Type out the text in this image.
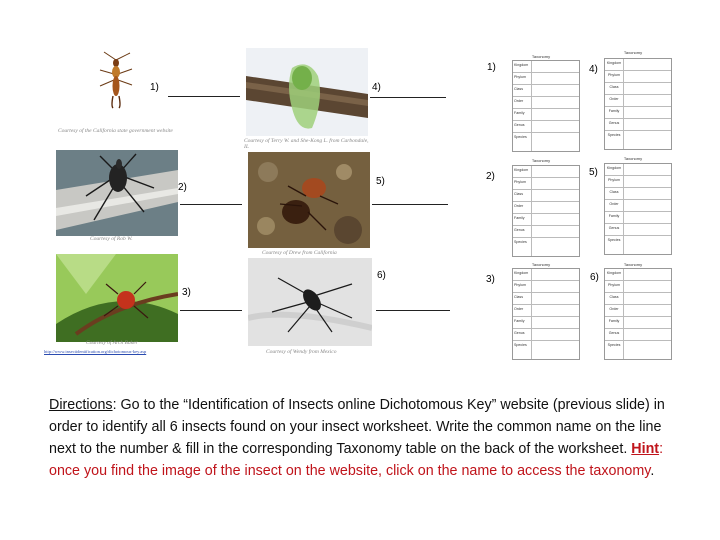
1)
Courtesy of the California state government website
2)
Courtesy of Rob W.
3)
Courtesy of Arch Baker
http://www.insectidentification.org/dichotomous-key.asp
4)
Courtesy of Terry W. and She-Kong L. from Carbondale, IL
5)
Courtesy of Drew from California
6)
Courtesy of Wendy from Mexico
1)
Taxonomy
Kingdom
Phylum
Class
Order
Family
Genus
Species
4)
Taxonomy
Kingdom
Phylum
Class
Order
Family
Genus
Species
2)
Taxonomy
Kingdom
Phylum
Class
Order
Family
Genus
Species
5)
Taxonomy
Kingdom
Phylum
Class
Order
Family
Genus
Species
3)
Taxonomy
Kingdom
Phylum
Class
Order
Family
Genus
Species
6)
Taxonomy
Kingdom
Phylum
Class
Order
Family
Genus
Species
Directions: Go to the “Identification of Insects online Dichotomous Key” website (previous slide) in order to identify all 6 insects found on your insect worksheet. Write the common name on the line next to the number & fill in the corresponding Taxonomy table on the back of the worksheet. Hint: once you find the image of the insect on the website, click on the name to access the taxonomy.
